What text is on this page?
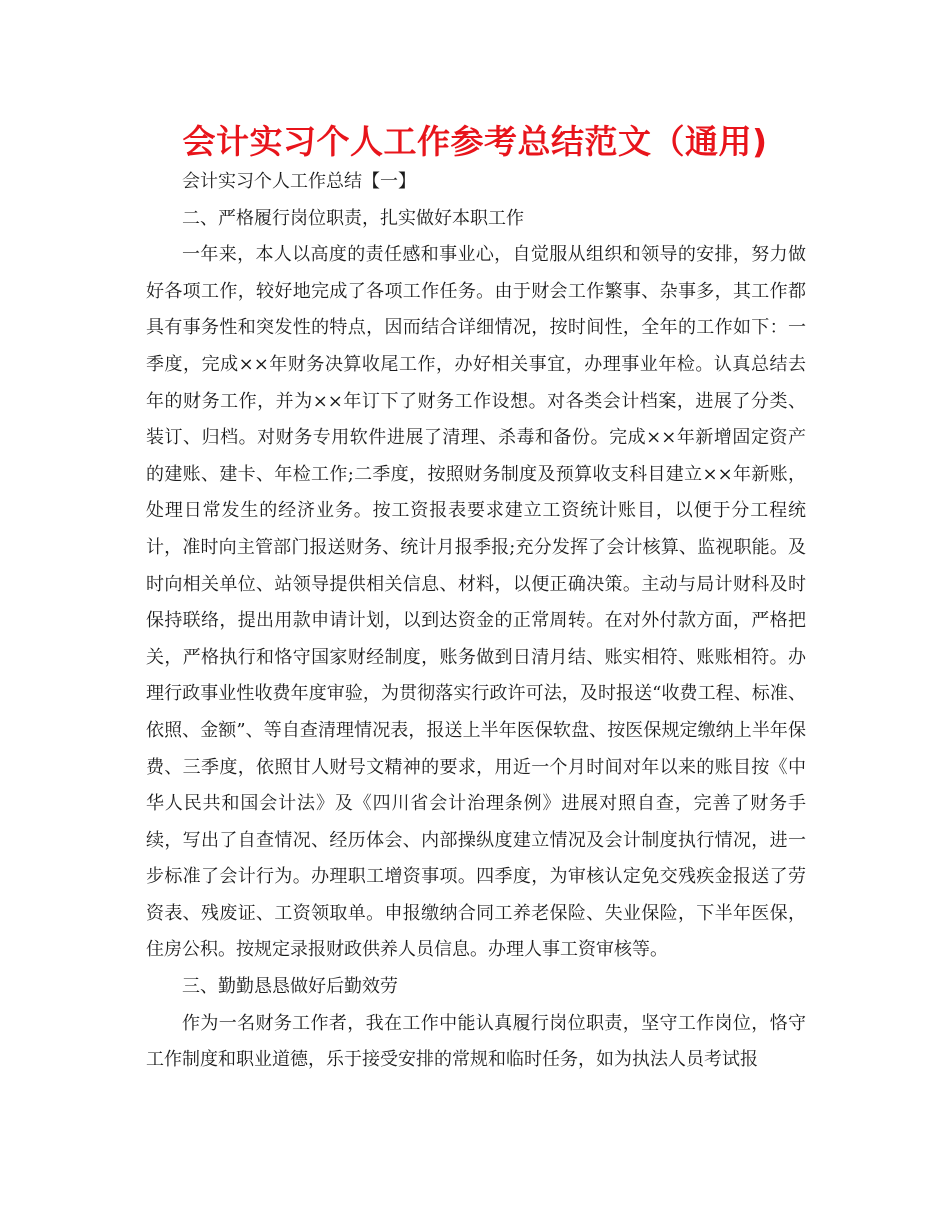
会计实习个人工作参考总结范文（通用)

会计实习个人工作总结【一】

二、严格履行岗位职责，扎实做好本职工作

一年来，本人以高度的责任感和事业心，自觉服从组织和领导的安排，努力做好各项工作，较好地完成了各项工作任务。由于财会工作繁事、杂事多，其工作都具有事务性和突发性的特点，因而结合详细情况，按时间性，全年的工作如下：一季度，完成××年财务决算收尾工作，办好相关事宜，办理事业年检。认真总结去年的财务工作，并为××年订下了财务工作设想。对各类会计档案，进展了分类、装订、归档。对财务专用软件进展了清理、杀毒和备份。完成××年新增固定资产的建账、建卡、年检工作;二季度，按照财务制度及预算收支科目建立××年新账，处理日常发生的经济业务。按工资报表要求建立工资统计账目，以便于分工程统计，准时向主管部门报送财务、统计月报季报;充分发挥了会计核算、监视职能。及时向相关单位、站领导提供相关信息、材料，以便正确决策。主动与局计财科及时保持联络，提出用款申请计划，以到达资金的正常周转。在对外付款方面，严格把关，严格执行和恪守国家财经制度，账务做到日清月结、账实相符、账账相符。办理行政事业性收费年度审验，为贯彻落实行政许可法，及时报送“收费工程、标准、依照、金额”、等自查清理情况表，报送上半年医保软盘、按医保规定缴纳上半年保费、三季度，依照甘人财号文精神的要求，用近一个月时间对年以来的账目按《中华人民共和国会计法》及《四川省会计治理条例》进展对照自查，完善了财务手续，写出了自查情况、经历体会、内部操纵度建立情况及会计制度执行情况，进一步标准了会计行为。办理职工增资事项。四季度，为审核认定免交残疾金报送了劳资表、残废证、工资领取单。申报缴纳合同工养老保险、失业保险，下半年医保，住房公积。按规定录报财政供养人员信息。办理人事工资审核等。

三、勤勤恳恳做好后勤效劳

作为一名财务工作者，我在工作中能认真履行岗位职责，坚守工作岗位，恪守工作制度和职业道德，乐于接受安排的常规和临时任务，如为执法人员考试报
